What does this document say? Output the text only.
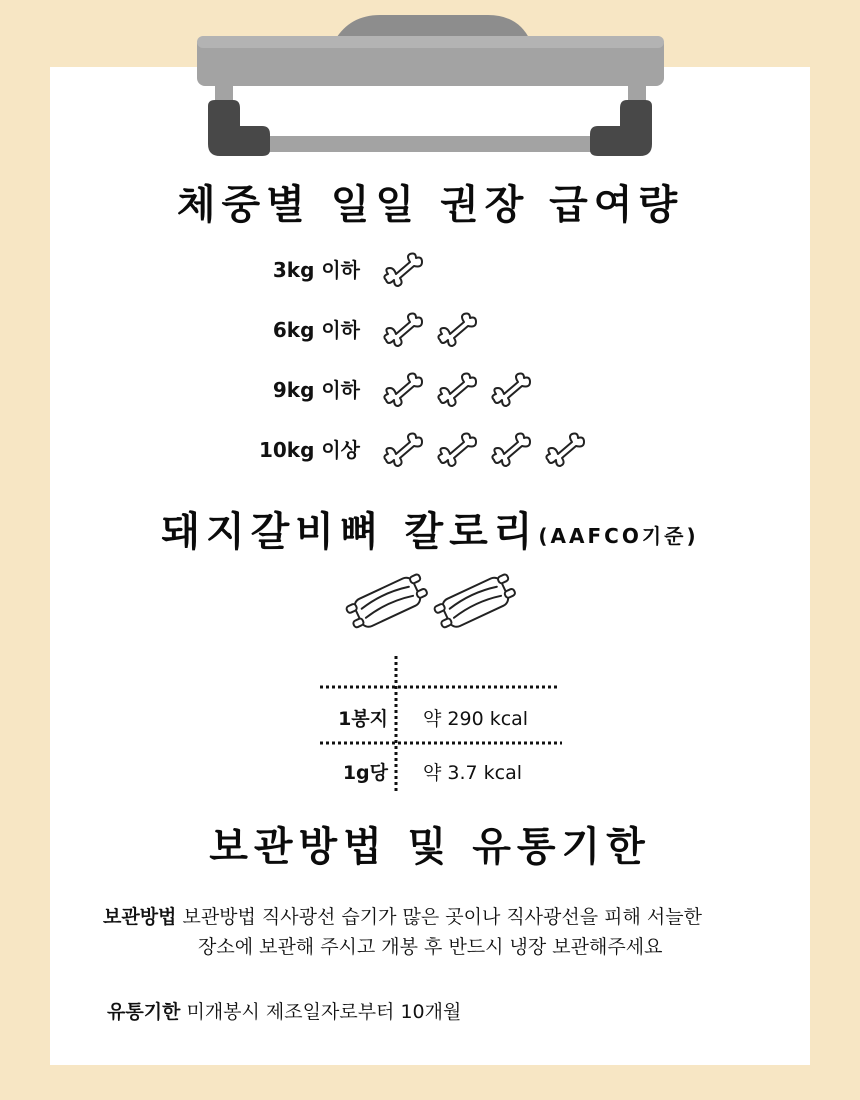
체중별 일일 권장 급여량
3kg 이하
6kg 이하
9kg 이하
10kg 이상
돼지갈비뼈 칼로리(AAFCO기준)
1봉지 약 290 kcal
1g당 약 3.7 kcal
보관방법 및 유통기한
보관방법 보관방법 직사광선 습기가 많은 곳이나 직사광선을 피해 서늘한
장소에 보관해 주시고 개봉 후 반드시 냉장 보관해주세요
유통기한 미개봉시 제조일자로부터 10개월
